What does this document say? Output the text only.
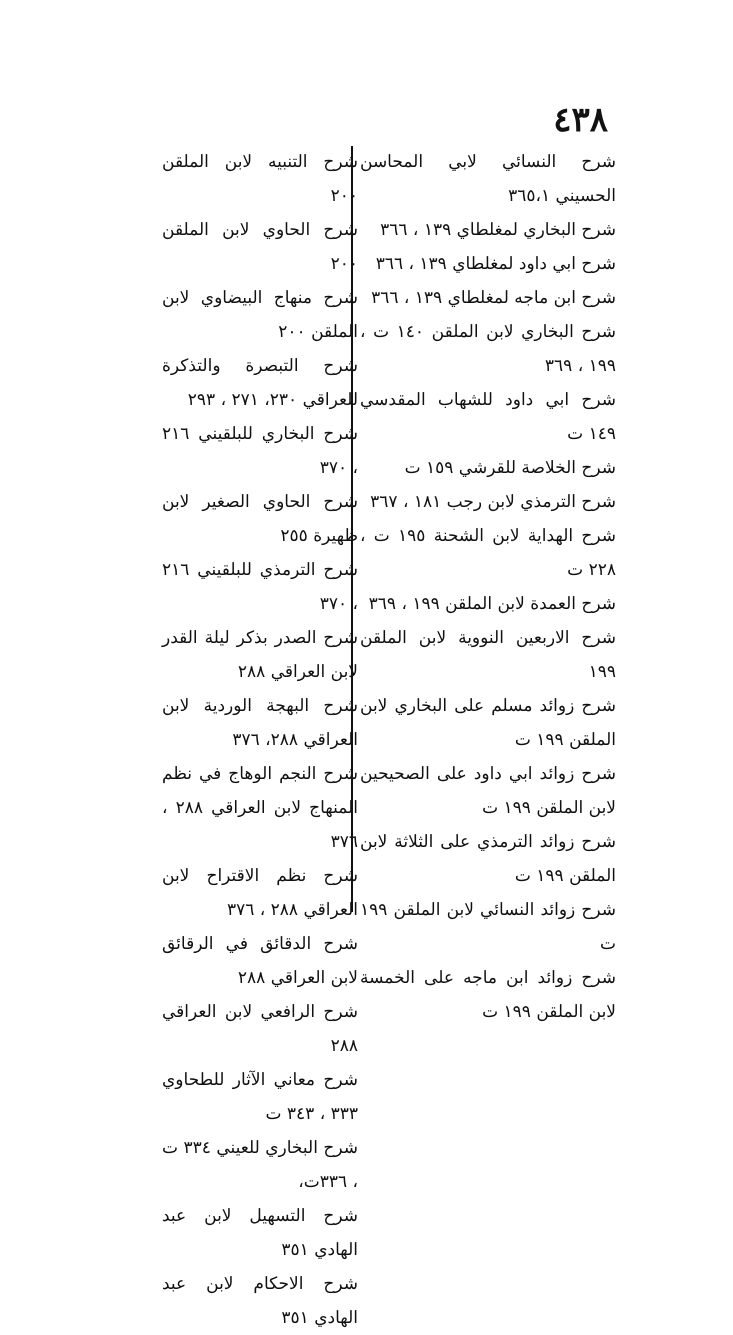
٤٣٨

شرح النسائي لابي المحاسن الحسيني ٣٦٥،١

شرح البخاري لمغلطاي ١٣٩ ، ٣٦٦

شرح ابي داود لمغلطاي ١٣٩ ، ٣٦٦

شرح ابن ماجه لمغلطاي ١٣٩ ، ٣٦٦

شرح البخاري لابن الملقن ١٤٠ ت ، ١٩٩ ، ٣٦٩

شرح ابي داود للشهاب المقدسي ١٤٩ ت

شرح الخلاصة للقرشي ١٥٩ ت

شرح الترمذي لابن رجب ١٨١ ، ٣٦٧

شرح الهداية لابن الشحنة ١٩٥ ت ، ٢٢٨ ت

شرح العمدة لابن الملقن ١٩٩ ، ٣٦٩

شرح الاربعين النووية لابن الملقن ١٩٩

شرح زوائد مسلم على البخاري لابن الملقن ١٩٩ ت

شرح زوائد ابي داود على الصحيحين لابن الملقن ١٩٩ ت

شرح زوائد الترمذي على الثلاثة لابن الملقن ١٩٩ ت

شرح زوائد النسائي لابن الملقن ١٩٩ ت

شرح زوائد ابن ماجه على الخمسة لابن الملقن ١٩٩ ت

شرح التنبيه لابن الملقن ٢٠٠

شرح الحاوي لابن الملقن ٢٠٠

شرح منهاج البيضاوي لابن الملقن ٢٠٠

شرح التبصرة والتذكرة للعراقي ٢٣٠، ٢٧١ ، ٢٩٣

شرح البخاري للبلقيني ٢١٦ ، ٣٧٠

شرح الحاوي الصغير لابن ظهيرة ٢٥٥

شرح الترمذي للبلقيني ٢١٦ ، ٣٧٠

شرح الصدر بذكر ليلة القدر لابن العراقي ٢٨٨

شرح البهجة الوردية لابن العراقي ٢٨٨، ٣٧٦

شرح النجم الوهاج في نظم المنهاج لابن العراقي ٢٨٨ ، ٣٧٦

شرح نظم الاقتراح لابن العراقي ٢٨٨ ، ٣٧٦

شرح الدقائق في الرقائق لابن العراقي ٢٨٨

شرح الرافعي لابن العراقي ٢٨٨

شرح معاني الآثار للطحاوي ٣٣٣ ، ٣٤٣ ت

شرح البخاري للعيني ٣٣٤ ت ، ٣٣٦ت،

شرح التسهيل لابن عبد الهادي ٣٥١

شرح الاحكام لابن عبد الهادي ٣٥١
